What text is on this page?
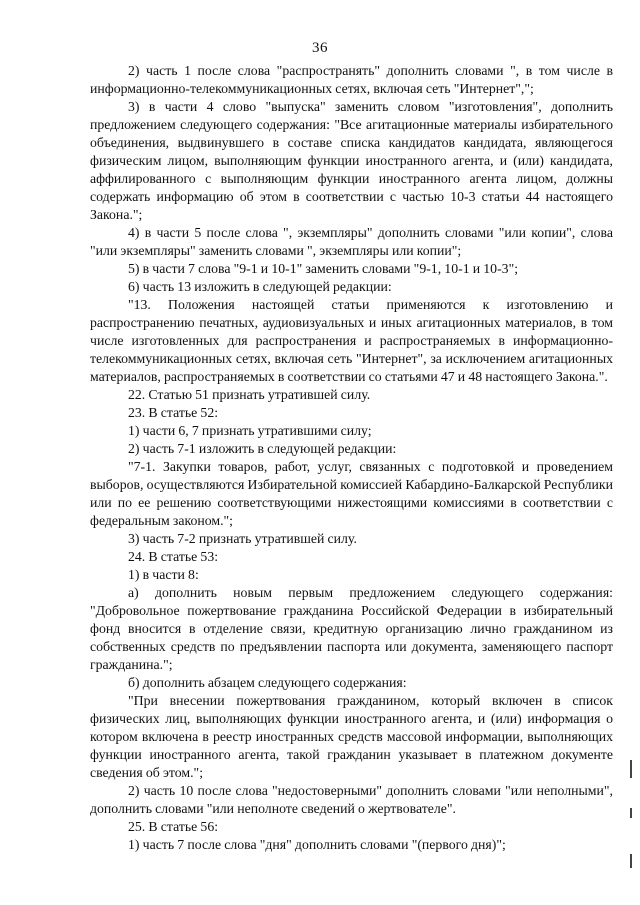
36

2) часть 1 после слова "распространять" дополнить словами ", в том числе в информационно-телекоммуникационных сетях, включая сеть "Интернет",";

3) в части 4 слово "выпуска" заменить словом "изготовления", дополнить предложением следующего содержания: "Все агитационные материалы избирательного объединения, выдвинувшего в составе списка кандидатов кандидата, являющегося физическим лицом, выполняющим функции иностранного агента, и (или) кандидата, аффилированного с выполняющим функции иностранного агента лицом, должны содержать информацию об этом в соответствии с частью 10-3 статьи 44 настоящего Закона.";

4) в части 5 после слова ", экземпляры" дополнить словами "или копии", слова "или экземпляры" заменить словами ", экземпляры или копии";

5) в части 7 слова "9-1 и 10-1" заменить словами "9-1, 10-1 и 10-3";

6) часть 13 изложить в следующей редакции:

"13. Положения настоящей статьи применяются к изготовлению и распространению печатных, аудиовизуальных и иных агитационных материалов, в том числе изготовленных для распространения и распространяемых в информационно-телекоммуникационных сетях, включая сеть "Интернет", за исключением агитационных материалов, распространяемых в соответствии со статьями 47 и 48 настоящего Закона.".

22. Статью 51 признать утратившей силу.

23. В статье 52:

1) части 6, 7 признать утратившими силу;

2) часть 7-1 изложить в следующей редакции:

"7-1. Закупки товаров, работ, услуг, связанных с подготовкой и проведением выборов, осуществляются Избирательной комиссией Кабардино-Балкарской Республики или по ее решению соответствующими нижестоящими комиссиями в соответствии с федеральным законом.";

3) часть 7-2 признать утратившей силу.

24. В статье 53:

1) в части 8:

а) дополнить новым первым предложением следующего содержания: "Добровольное пожертвование гражданина Российской Федерации в избирательный фонд вносится в отделение связи, кредитную организацию лично гражданином из собственных средств по предъявлении паспорта или документа, заменяющего паспорт гражданина.";

б) дополнить абзацем следующего содержания:

"При внесении пожертвования гражданином, который включен в список физических лиц, выполняющих функции иностранного агента, и (или) информация о котором включена в реестр иностранных средств массовой информации, выполняющих функции иностранного агента, такой гражданин указывает в платежном документе сведения об этом.";

2) часть 10 после слова "недостоверными" дополнить словами "или неполными", дополнить словами "или неполноте сведений о жертвователе".

25. В статье 56:

1) часть 7 после слова "дня" дополнить словами "(первого дня)";
